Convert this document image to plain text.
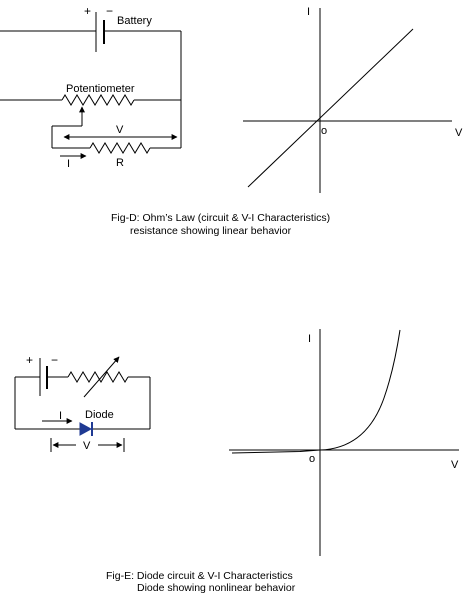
+ −
Battery
Potentiometer
V
R
I
I
V
o
+ −
Diode
I
V
I
V
o
Fig-D: Ohm’s Law (circuit & V-I Characteristics)
resistance showing linear behavior
Fig-E: Diode circuit & V-I Characteristics
Diode showing nonlinear behavior
